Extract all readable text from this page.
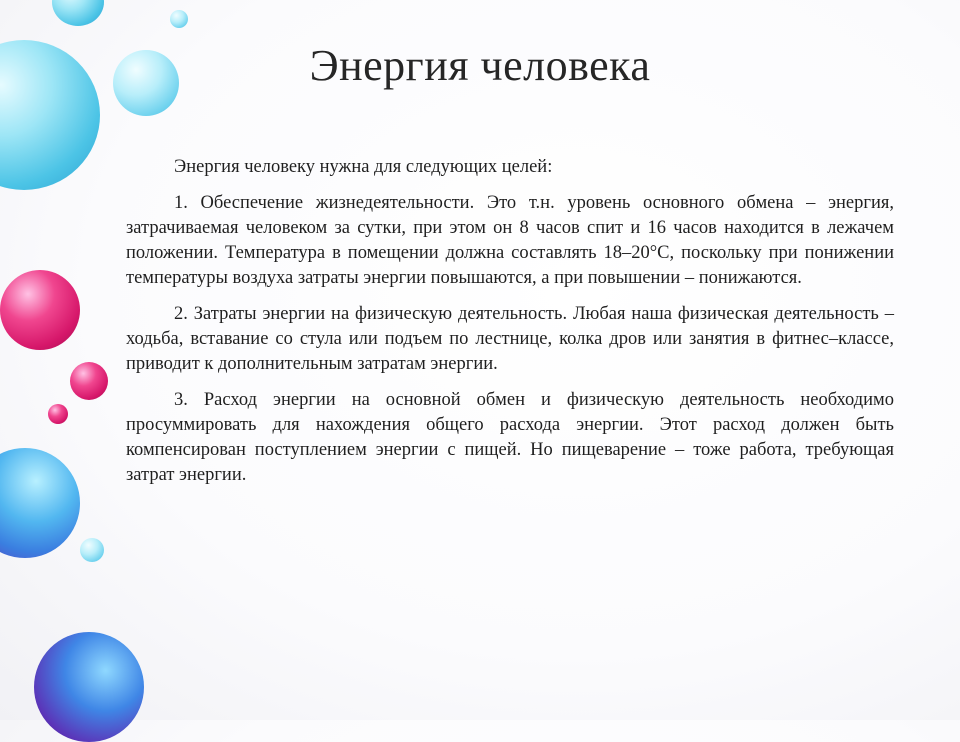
Энергия человека

Энергия человеку нужна для следующих целей:

1. Обеспечение жизнедеятельности. Это т.н. уровень основного обмена – энергия, затрачиваемая человеком за сутки, при этом он 8 часов спит и 16 часов находится в лежачем положении. Температура в помещении должна составлять 18–20°C, поскольку при понижении температуры воздуха затраты энергии повышаются, а при повышении – понижаются.

2. Затраты энергии на физическую деятельность. Любая наша физическая деятельность – ходьба, вставание со стула или подъем по лестнице, колка дров или занятия в фитнес–классе, приводит к дополнительным затратам энергии.

3. Расход энергии на основной обмен и физическую деятельность необходимо просуммировать для нахождения общего расхода энергии. Этот расход должен быть компенсирован поступлением энергии с пищей. Но пищеварение – тоже работа, требующая затрат энергии.
